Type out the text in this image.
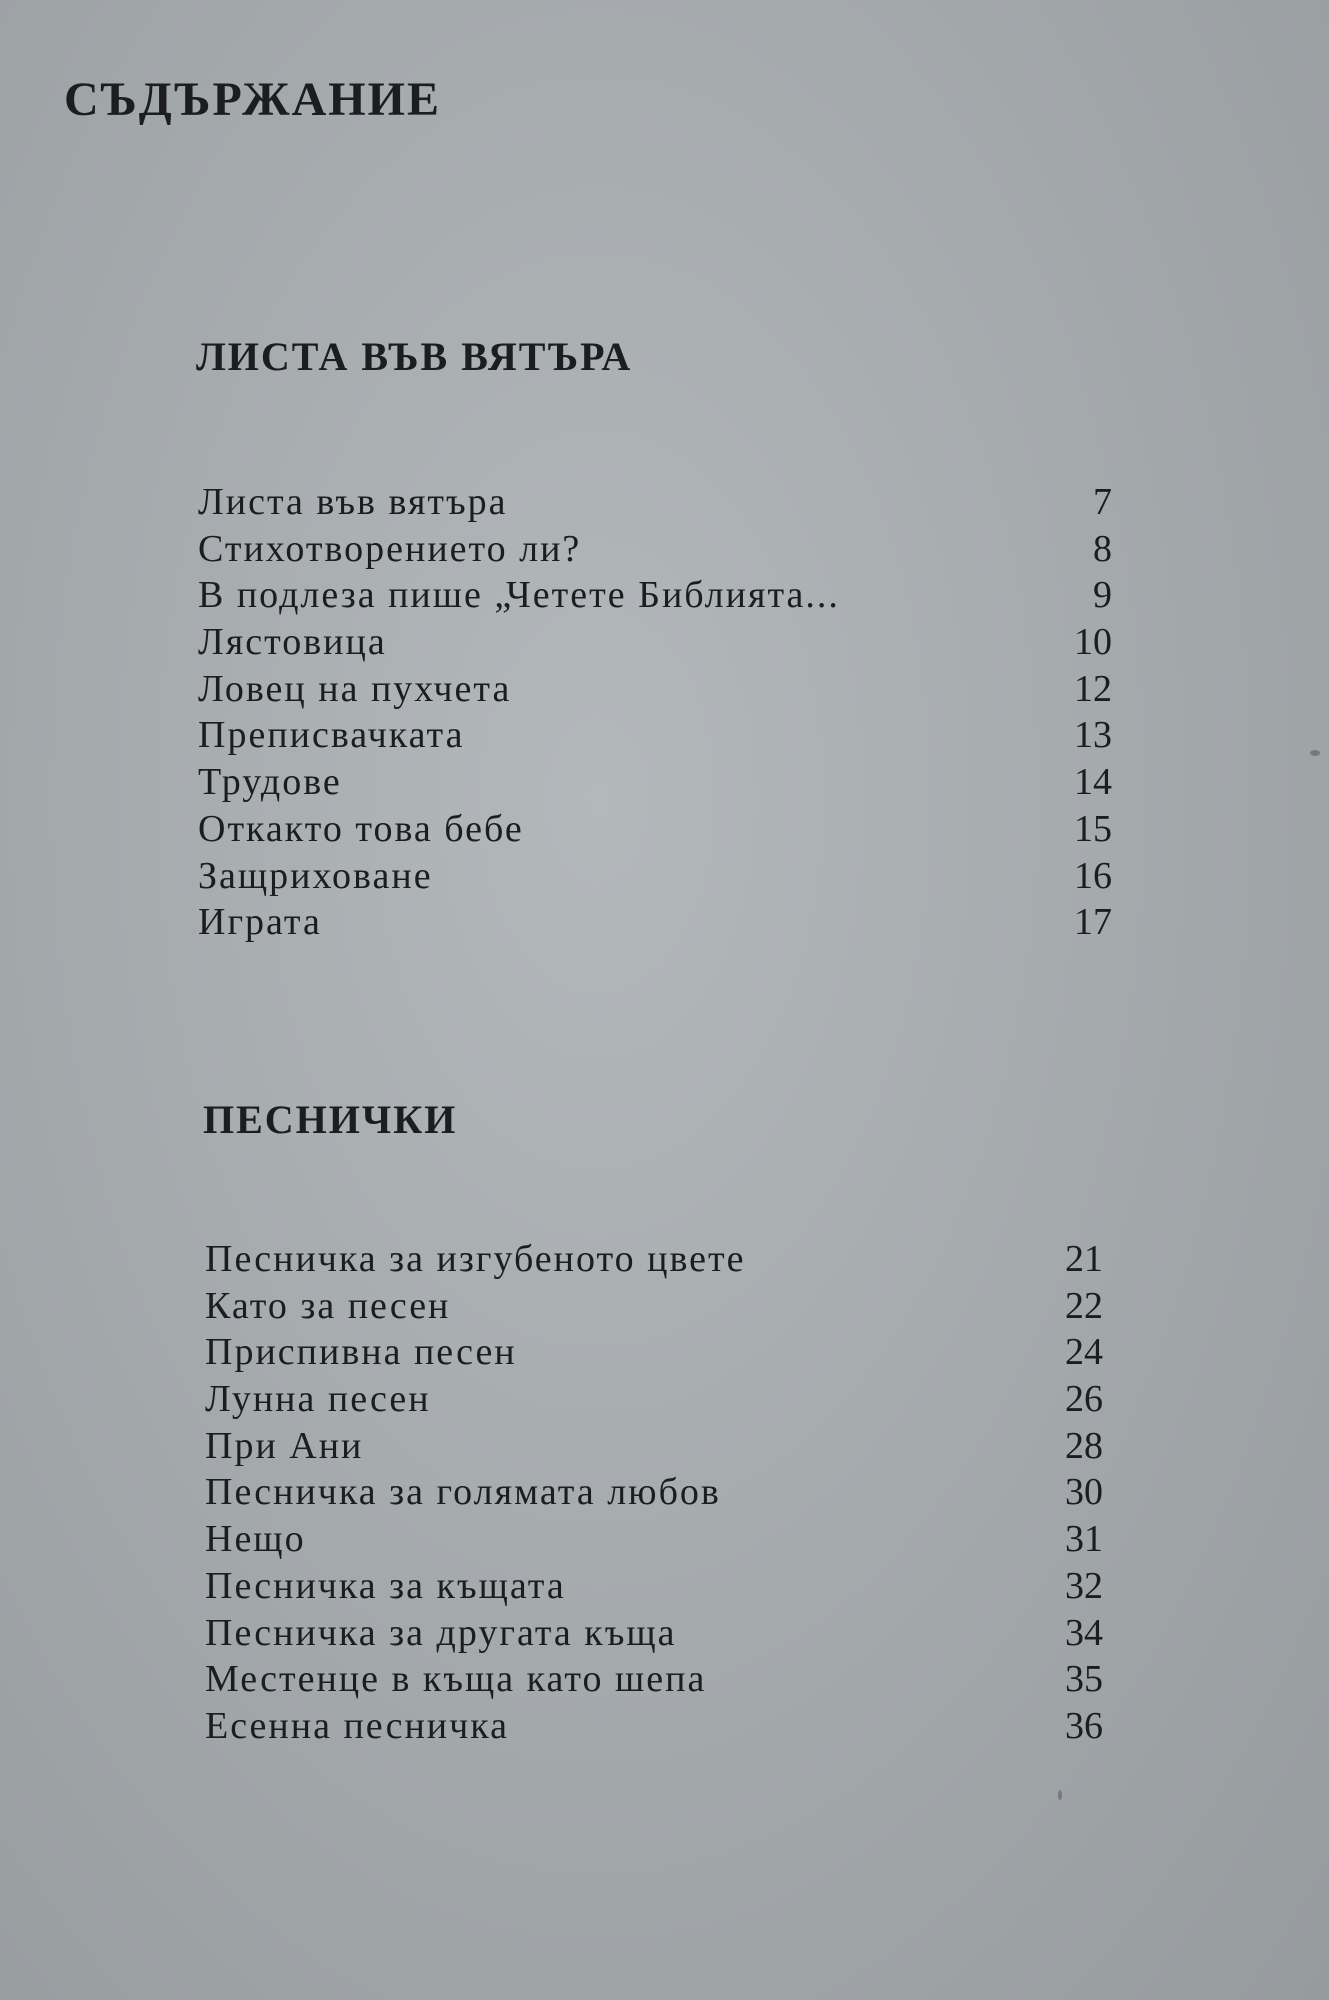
СЪДЪРЖАНИЕ
ЛИСТА ВЪВ ВЯТЪРА
Листа във вятъра	7
Стихотворението ли?	8
В подлеза пише „Четете Библията...	9
Лястовица	10
Ловец на пухчета	12
Преписвачката	13
Трудове	14
Откакто това бебе	15
Защриховане	16
Играта	17
ПЕСНИЧКИ
Песничка за изгубеното цвете	21
Като за песен	22
Приспивна песен	24
Лунна песен	26
При Ани	28
Песничка за голямата любов	30
Нещо	31
Песничка за къщата	32
Песничка за другата къща	34
Местенце в къща като шепа	35
Есенна песничка	36
